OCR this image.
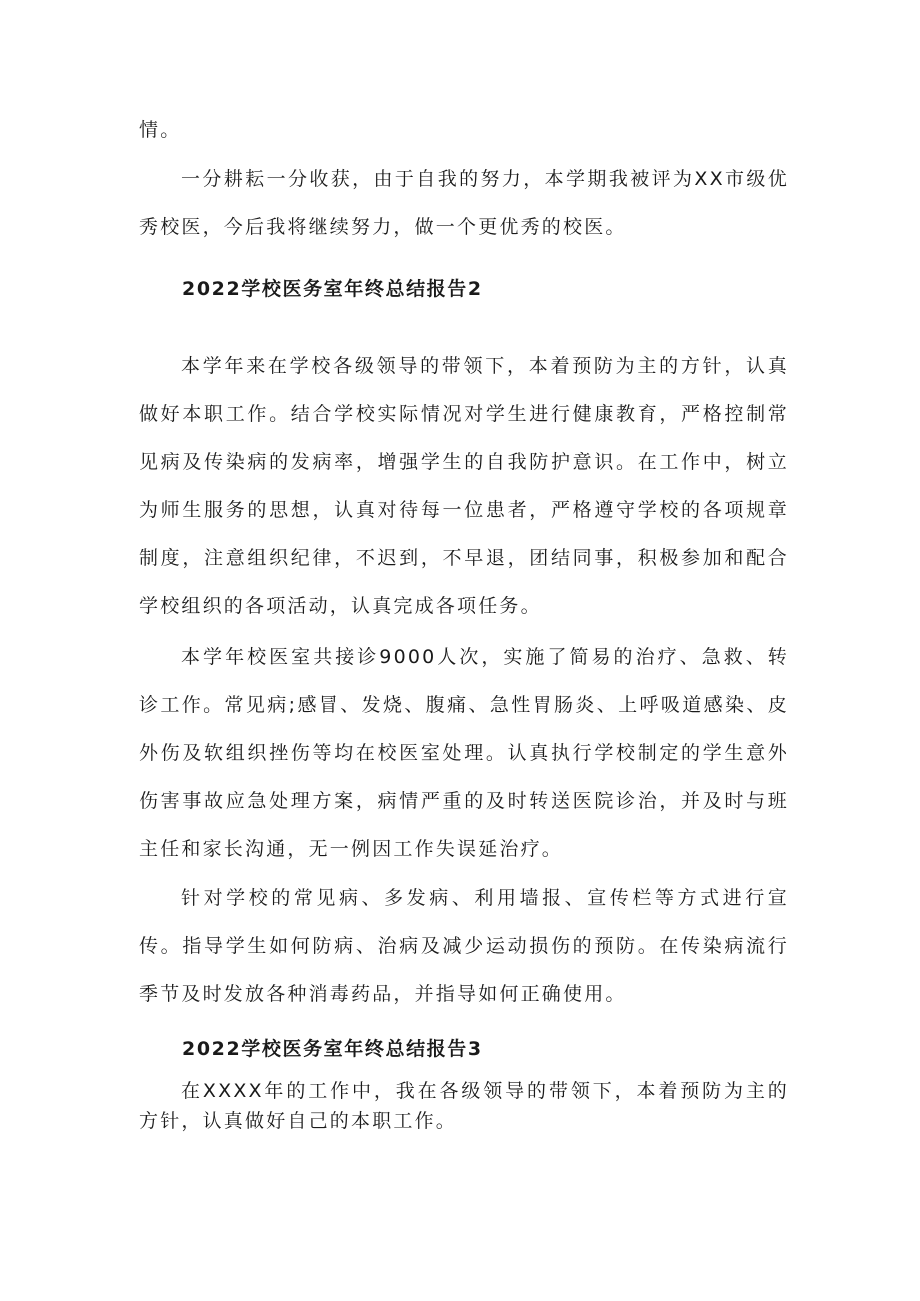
情。

一分耕耘一分收获，由于自我的努力，本学期我被评为XX市级优秀校医，今后我将继续努力，做一个更优秀的校医。

2022学校医务室年终总结报告2

本学年来在学校各级领导的带领下，本着预防为主的方针，认真做好本职工作。结合学校实际情况对学生进行健康教育，严格控制常见病及传染病的发病率，增强学生的自我防护意识。在工作中，树立为师生服务的思想，认真对待每一位患者，严格遵守学校的各项规章制度，注意组织纪律，不迟到，不早退，团结同事，积极参加和配合学校组织的各项活动，认真完成各项任务。

本学年校医室共接诊9000人次，实施了简易的治疗、急救、转诊工作。常见病;感冒、发烧、腹痛、急性胃肠炎、上呼吸道感染、皮外伤及软组织挫伤等均在校医室处理。认真执行学校制定的学生意外伤害事故应急处理方案，病情严重的及时转送医院诊治，并及时与班主任和家长沟通，无一例因工作失误延治疗。

针对学校的常见病、多发病、利用墙报、宣传栏等方式进行宣传。指导学生如何防病、治病及减少运动损伤的预防。在传染病流行季节及时发放各种消毒药品，并指导如何正确使用。

2022学校医务室年终总结报告3

在XXXX年的工作中，我在各级领导的带领下，本着预防为主的方针，认真做好自己的本职工作。
